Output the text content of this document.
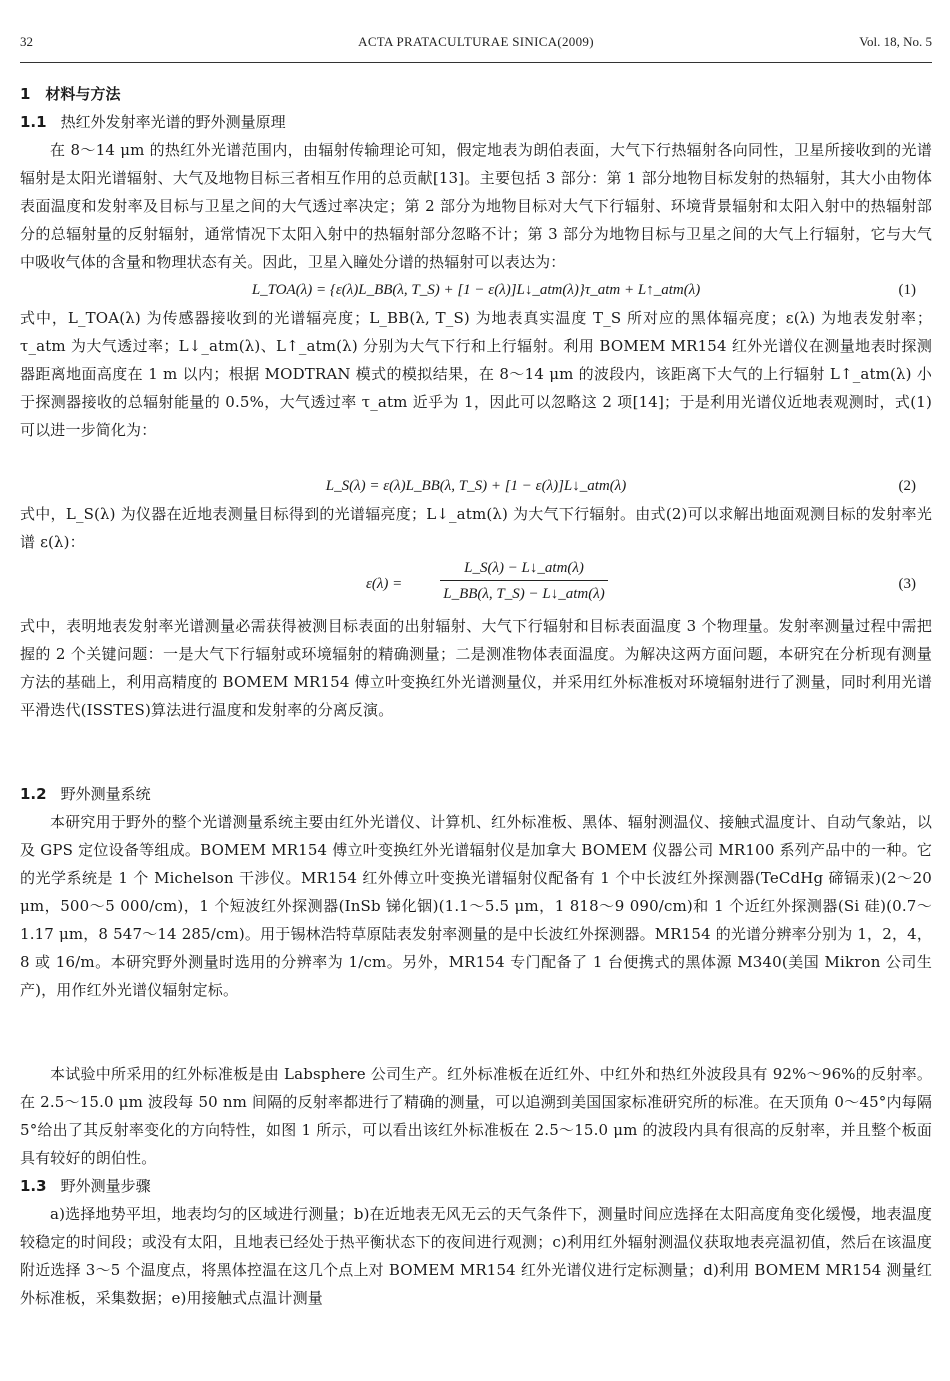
32	ACTA PRATACULTURAE SINICA(2009)	Vol. 18, No. 5
1　材料与方法
1.1 热红外发射率光谱的野外测量原理

在 8～14 μm 的热红外光谱范围内，由辐射传输理论可知，假定地表为朗伯表面，大气下行热辐射各向同性，卫星所接收到的光谱辐射是太阳光谱辐射、大气及地物目标三者相互作用的总贡献[13]。主要包括 3 部分：第 1 部分地物目标发射的热辐射，其大小由物体表面温度和发射率及目标与卫星之间的大气透过率决定；第 2 部分为地物目标对大气下行辐射、环境背景辐射和太阳入射中的热辐射部分的总辐射量的反射辐射，通常情况下太阳入射中的热辐射部分忽略不计；第 3 部分为地物目标与卫星之间的大气上行辐射，它与大气中吸收气体的含量和物理状态有关。因此，卫星入瞳处分谱的热辐射可以表达为：

L_TOA(λ) = {ε(λ)L_BB(λ, T_S) + [1 − ε(λ)]L↓_atm(λ)}τ_atm + L↑_atm(λ)	(1)

式中，L_TOA(λ) 为传感器接收到的光谱辐亮度；L_BB(λ, T_S) 为地表真实温度 T_S 所对应的黑体辐亮度；ε(λ) 为地表发射率；τ_atm 为大气透过率；L↓_atm(λ)、L↑_atm(λ) 分别为大气下行和上行辐射。利用 BOMEM MR154 红外光谱仪在测量地表时探测器距离地面高度在 1 m 以内；根据 MODTRAN 模式的模拟结果，在 8～14 μm 的波段内，该距离下大气的上行辐射 L↑_atm(λ) 小于探测器接收的总辐射能量的 0.5%，大气透过率 τ_atm 近乎为 1，因此可以忽略这 2 项[14]；于是利用光谱仪近地表观测时，式(1)可以进一步简化为：

L_S(λ) = ε(λ)L_BB(λ, T_S) + [1 − ε(λ)]L↓_atm(λ)	(2)

式中，L_S(λ) 为仪器在近地表测量目标得到的光谱辐亮度；L↓_atm(λ) 为大气下行辐射。由式(2)可以求解出地面观测目标的发射率光谱 ε(λ)：

ε(λ) =
L_S(λ) − L↓_atm(λ)
L_BB(λ, T_S) − L↓_atm(λ)
(3)

式中，表明地表发射率光谱测量必需获得被测目标表面的出射辐射、大气下行辐射和目标表面温度 3 个物理量。发射率测量过程中需把握的 2 个关键问题：一是大气下行辐射或环境辐射的精确测量；二是测准物体表面温度。为解决这两方面问题，本研究在分析现有测量方法的基础上，利用高精度的 BOMEM MR154 傅立叶变换红外光谱测量仪，并采用红外标准板对环境辐射进行了测量，同时利用光谱平滑迭代(ISSTES)算法进行温度和发射率的分离反演。

1.2 野外测量系统

本研究用于野外的整个光谱测量系统主要由红外光谱仪、计算机、红外标准板、黑体、辐射测温仪、接触式温度计、自动气象站，以及 GPS 定位设备等组成。BOMEM MR154 傅立叶变换红外光谱辐射仪是加拿大 BOMEM 仪器公司 MR100 系列产品中的一种。它的光学系统是 1 个 Michelson 干涉仪。MR154 红外傅立叶变换光谱辐射仪配备有 1 个中长波红外探测器(TeCdHg 碲镉汞)(2～20 μm，500～5 000/cm)，1 个短波红外探测器(InSb 锑化铟)(1.1～5.5 μm，1 818～9 090/cm)和 1 个近红外探测器(Si 硅)(0.7～1.17 μm，8 547～14 285/cm)。用于锡林浩特草原陆表发射率测量的是中长波红外探测器。MR154 的光谱分辨率分别为 1，2，4，8 或 16/m。本研究野外测量时选用的分辨率为 1/cm。另外，MR154 专门配备了 1 台便携式的黑体源 M340(美国 Mikron 公司生产)，用作红外光谱仪辐射定标。

本试验中所采用的红外标准板是由 Labsphere 公司生产。红外标准板在近红外、中红外和热红外波段具有 92%～96%的反射率。在 2.5～15.0 μm 波段每 50 nm 间隔的反射率都进行了精确的测量，可以追溯到美国国家标准研究所的标准。在天顶角 0～45°内每隔 5°给出了其反射率变化的方向特性，如图 1 所示，可以看出该红外标准板在 2.5～15.0 μm 的波段内具有很高的反射率，并且整个板面具有较好的朗伯性。

1.3 野外测量步骤

a)选择地势平坦，地表均匀的区域进行测量；b)在近地表无风无云的天气条件下，测量时间应选择在太阳高度角变化缓慢，地表温度较稳定的时间段；或没有太阳，且地表已经处于热平衡状态下的夜间进行观测；c)利用红外辐射测温仪获取地表亮温初值，然后在该温度附近选择 3～5 个温度点，将黑体控温在这几个点上对 BOMEM MR154 红外光谱仪进行定标测量；d)利用 BOMEM MR154 测量红外标准板，采集数据；e)用接触式点温计测量
